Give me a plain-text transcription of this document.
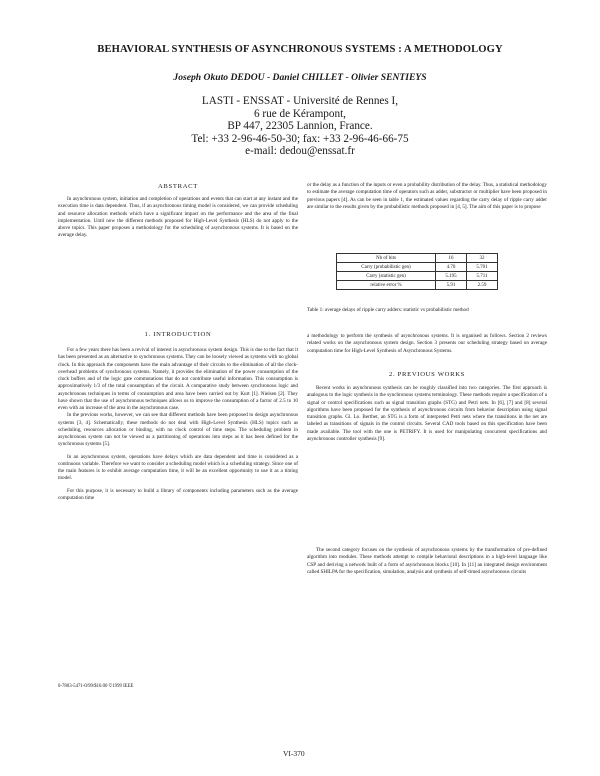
BEHAVIORAL SYNTHESIS OF ASYNCHRONOUS SYSTEMS : A METHODOLOGY
Joseph Okuto DEDOU - Daniel CHILLET - Olivier SENTIEYS
LASTI - ENSSAT - Université de Rennes I,
6 rue de Kérampont,
BP 447, 22305 Lannion, France.
Tel: +33 2-96-46-50-30; fax: +33 2-96-46-66-75
e-mail: dedou@enssat.fr
ABSTRACT

In asynchronous system, initiation and completion of operations and events that can start at any instant and the execution time is data dependent. Thus, if an asynchronous timing model is considered, we can provide scheduling and resource allocation methods which have a significant impact on the performance and the area of the final implementation. Until now the different methods proposed for High-Level Synthesis (HLS) do not apply to the above topics. This paper proposes a methodology for the scheduling of asynchronous systems. It is based on the average delay.

1. INTRODUCTION

For a few years there has been a revival of interest in asynchronous system design. This is due to the fact that it has been presented as an alternative to synchronous systems. They can be loosely viewed as systems with no global clock. In this approach the components have the main advantage of their circuits to the elimination of all the clock-overhead problems of synchronous systems. Namely, it provides the elimination of the power consumption of the clock buffers and of the logic gate commutations that do not contribute useful information. This consumption is approximatively 1/3 of the total consumption of the circuit. A comparative study between synchronous logic and asynchronous techniques in terms of consumption and area have been carried out by Kurt [1]. Nielsen [2]. They have shown that the use of asynchronous techniques allows us to improve the consumption of a factor of 2.5 to 10 even with an increase of the area in the asynchronous case.

In the previous works, however, we can see that different methods have been proposed to design asynchronous systems [3, 4]. Schematically, these methods do not deal with High-Level Synthesis (HLS) topics such as scheduling, resources allocation or binding, with no clock control of time steps. The scheduling problem in asynchronous system can not be viewed as a partitioning of operations into steps as it has been defined for the synchronous systems [5].

In an asynchronous system, operations have delays which are data dependent and time is considered as a continuous variable. Therefore we want to consider a scheduling model which is a scheduling strategy. Since one of the main features is to exhibit average computation time, it will be an excellent opportunity to use it as a timing model.

For this purpose, it is necessary to build a library of components including parameters such as the average computation time

or the delay as a function of the inputs or even a probability distribution of the delay. Thus, a statistical methodology to estimate the average computation time of operators such as adder, substractor or multiplier have been proposed in previous papers [4]. As can be seen in table 1, the estimated values regarding the carry delay of ripple carry adder are similar to the results given by the probabilistic methods proposed in [4, 5]. The aim of this paper is to propose

Nb of bits	16	32
Carry (probabilistic gen)	4.70	5.701
Carry (statistic gen)	5.195	5.711
relative error %	5.91	2.59
Table 1: average delays of ripple carry adders: statistic vs probabilistic method

a methodology to perform the synthesis of asynchronous systems. It is organised as follows. Section 2 reviews related works on the asynchronous system design. Section 3 presents our scheduling strategy based on average computation time for High-Level Synthesis of Asynchronous Systems.

2. PREVIOUS WORKS

Recent works in asynchronous synthesis can be roughly classified into two categories. The first approach is analogous to the logic synthesis in the synchronous systems terminology. These methods require a specification of a signal or control specifications such as signal transition graphs (STG) and Petri nets. In [6], [7] and [8] several algorithms have been proposed for the synthesis of asynchronous circuits from behavior description using signal transition graphs. Gl. Lo. Berthet, an STG is a form of interpreted Petri nets where the transitions in the net are labeled as transitions of signals in the control circuits. Several CAD tools based on this specification have been made available. The tool with the one is PETRIFY. It is used for manipulating concurrent specifications and asynchronous controller synthesis [9].

The second category focuses on the synthesis of asynchronous systems by the transformation of pre-defined algorithm into modules. These methods attempt to compile behavioral descriptions in a high-level language like CSP and deriving a network built of a form of asynchronous blocks [10]. In [11] an integrated design environment called SHILPA for the specification, simulation, analysis and synthesis of self-timed asynchronous circuits

0-7803-5471-0/99/$10.00 ©1999 IEEE
VI-370
